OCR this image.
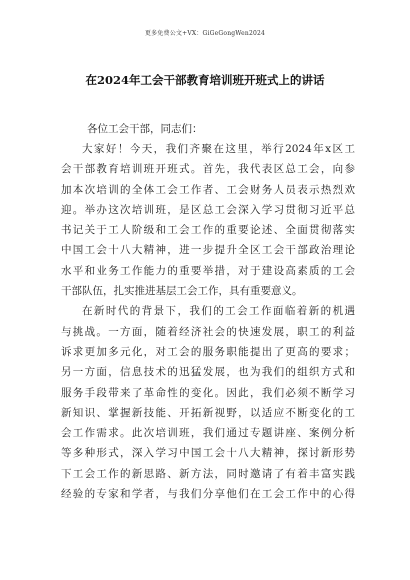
更多免费公文+VX：GiGeGongWen2024
在2024年工会干部教育培训班开班式上的讲话
各位工会干部，同志们：
大家好！今天，我们齐聚在这里，举行2024年x区工
会干部教育培训班开班式。首先，我代表区总工会，向参
加本次培训的全体工会工作者、工会财务人员表示热烈欢
迎。举办这次培训班，是区总工会深入学习贯彻习近平总
书记关于工人阶级和工会工作的重要论述、全面贯彻落实
中国工会十八大精神，进一步提升全区工会干部政治理论
水平和业务工作能力的重要举措，对于建设高素质的工会
干部队伍，扎实推进基层工会工作，具有重要意义。
在新时代的背景下，我们的工会工作面临着新的机遇
与挑战。一方面，随着经济社会的快速发展，职工的利益
诉求更加多元化，对工会的服务职能提出了更高的要求；
另一方面，信息技术的迅猛发展，也为我们的组织方式和
服务手段带来了革命性的变化。因此，我们必须不断学习
新知识、掌握新技能、开拓新视野，以适应不断变化的工
会工作需求。此次培训班，我们通过专题讲座、案例分析
等多种形式，深入学习中国工会十八大精神，探讨新形势
下工会工作的新思路、新方法，同时邀请了有着丰富实践
经验的专家和学者，与我们分享他们在工会工作中的心得
